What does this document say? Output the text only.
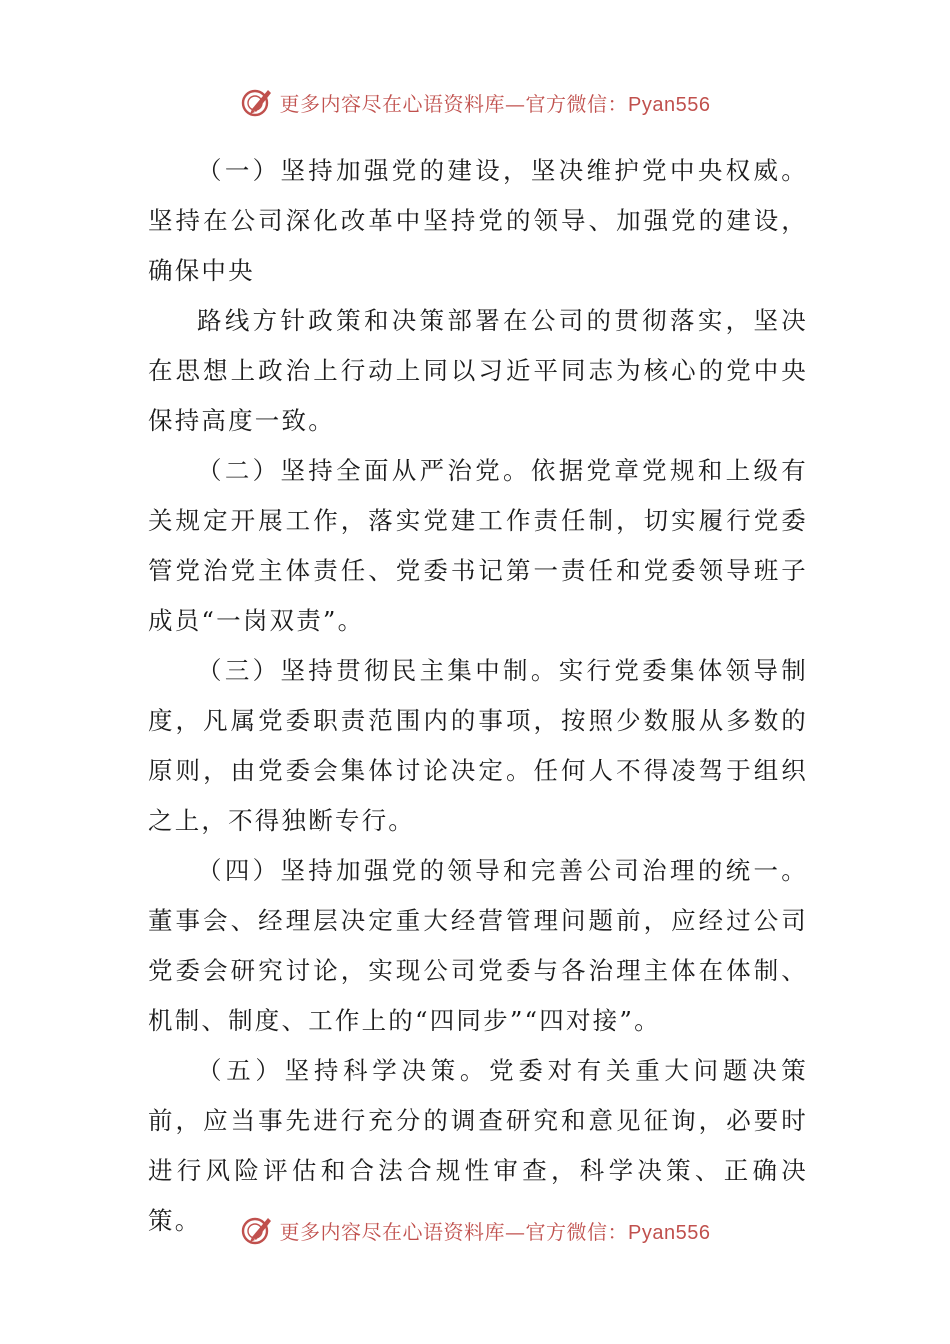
更多内容尽在心语资料库—官方微信：Pyan556

（一）坚持加强党的建设，坚决维护党中央权威。坚持在公司深化改革中坚持党的领导、加强党的建设，确保中央

路线方针政策和决策部署在公司的贯彻落实，坚决在思想上政治上行动上同以习近平同志为核心的党中央保持高度一致。

（二）坚持全面从严治党。依据党章党规和上级有关规定开展工作，落实党建工作责任制，切实履行党委管党治党主体责任、党委书记第一责任和党委领导班子成员“一岗双责”。

（三）坚持贯彻民主集中制。实行党委集体领导制度，凡属党委职责范围内的事项，按照少数服从多数的原则，由党委会集体讨论决定。任何人不得凌驾于组织之上，不得独断专行。

（四）坚持加强党的领导和完善公司治理的统一。董事会、经理层决定重大经营管理问题前，应经过公司党委会研究讨论，实现公司党委与各治理主体在体制、机制、制度、工作上的“四同步”“四对接”。

（五）坚持科学决策。党委对有关重大问题决策前，应当事先进行充分的调查研究和意见征询，必要时进行风险评估和合法合规性审查，科学决策、正确决策。	更多内容尽在心语资料库—官方微信：Pyan556
